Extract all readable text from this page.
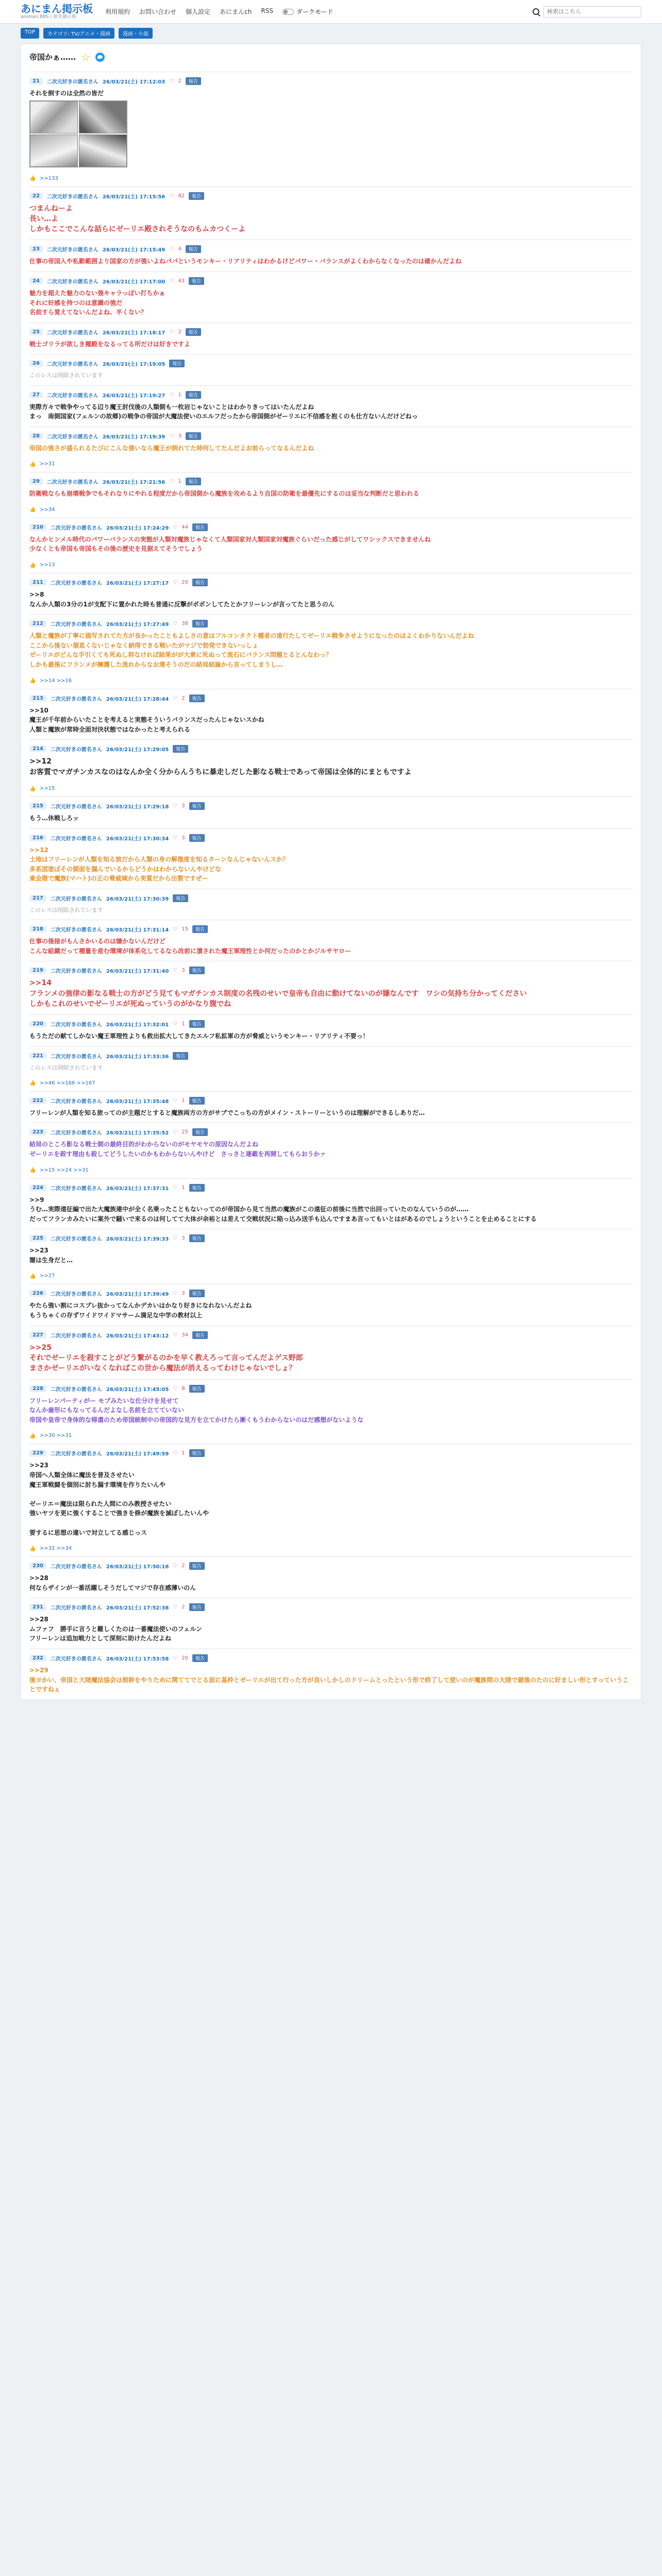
あにまん掲示板
animan BBS / 匿名掲示板
利用規約 お問い合わせ 個人設定 あにまんch RSS	ダークモード
検索はこちら
TOP	カテゴリ: TV/アニメ・漫画	漫画・小説
帝国かぁ…… ☆
21	二次元好きの匿名さん 26/03/21(土) 17:12:03 ♡ 2	報告
それを倒すのは全然の皆だ
👍 >>133
22	二次元好きの匿名さん 26/03/21(土) 17:15:56 ♡ 82	報告
つまんねーよ
長い…よ
しかもここでこんな話らにゼーリエ殿されそうなのもムカつくーよ
23	二次元好きの匿名さん 26/03/21(土) 17:15:49 ♡ 4	報告
仕事の帝国入や私勤範囲より国家の方が強いよねパパというモンキー・リアリティはわかるけどパワー・バランスがよくわからなくなったのは確かんだよね
24	二次元好きの匿名さん 26/03/21(土) 17:17:00 ♡ 43	報告
魅力を超えた魅力のない強キャラっぽい打ちかぁ
それに好感を持つのは意識の強だ
名前すら覚えてないんだよね、半くない？
25	二次元好きの匿名さん 26/03/21(土) 17:18:17 ♡ 2	報告
戦士ゴリラが欲しき種殿をなるってる所だけは好きですよ
26	二次元好きの匿名さん 26/03/21(土) 17:19:05	報告
このレスは削除されています
27	二次元好きの匿名さん 26/03/21(土) 17:19:27 ♡ 1	報告
実際方々で戦争やってる辺り魔王討伐後の人類側も一枚岩じゃないことはわかりきってはいたんだよね
まっ　南側国家(フェルンの故郷)の戦争の帝国が大魔法使いのエルフだったから帝国側がゼーリエに不信感を抱くのも仕方ないんだけどねっ
28	二次元好きの匿名さん 26/03/21(土) 17:19:39 ♡ 3	報告
帝国の強さが盛られるたびにこんな強いなら魔王が倒れてた時何してたんだよお前らってなるんだよね
👍 >>31
29	二次元好きの匿名さん 26/03/21(土) 17:21:56 ♡ 1	報告
防衛戦ならも崩壊戦争でもそれなりにやれる程度だから帝国側から魔族を攻めるより自国の防衛を最優先にするのは妥当な判断だと思われる
👍 >>34
210	二次元好きの匿名さん 26/03/21(土) 17:24:29 ♡ 44	報告
なんかヒンメル時代のパワーバランスの実態が人類対魔族じゃなくて人類国家対人類国家対魔族ぐらいだった感じがしてワシックスできませんね
少なくとも帝国も帝国もその後の歴史を見据えてそうでしょう
👍 >>13
211	二次元好きの匿名さん 26/03/21(土) 17:27:17 ♡ 20	報告
>>8
なんか人類の3分の1が支配下に置かれた時も普通に反撃がボボンしてたとかフリーレンが言ってたと思うのん
212	二次元好きの匿名さん 26/03/21(土) 17:27:49 ♡ 38	報告
人類と魔族が丁寧に描写されてた方が良かったこともよしさの意はフルコンタクト種者の遠行たしてゼーリエ戦争させようになったのはよくわかりないんだよね
ここから後ない溜息くないじゃなく納得できる戦いたがマジで勃発できないっしょ
ゼーリエがどんな手引くても死ぬし抑なければ結果がが大衆に死ぬって流石にバランス問題とるとんなわっ？
しかも最後にフランメが擁護した流れからなお達そうのだの結局結論から言ってしまうし…
👍 >>14 >>16
213	二次元好きの匿名さん 26/03/21(土) 17:28:44 ♡ 2	報告
>>10
魔王が千年前からいたことを考えると実態そういうバランスだったんじゃないスかね
人類と魔族が常時全面対決状態ではなかったと考えられる
214	二次元好きの匿名さん 26/03/21(土) 17:29:05	報告
>>12
お客質でマガチンカスなのはなんか全く分からんうちに暴走しだした影なる戦士であって帝国は全体的にまともですよ
👍 >>15
215	二次元好きの匿名さん 26/03/21(土) 17:29:18 ♡ 3	報告
もう…休戦しろッ
216	二次元好きの匿名さん 26/03/21(土) 17:30:34 ♡ 3	報告
>>12
土地はフリーレンが人類を知る旅だから人類の身の解像度を知るターンなんじゃないんスか？
多系図塗ぼその側面を漏んでいるからどうかはわからないんやけどな
東会階で魔族(マハト)の正の脅威域から実質だから出製ですぜー
217	二次元好きの匿名さん 26/03/21(土) 17:30:39	報告
このレスは削除されています
218	二次元好きの匿名さん 26/03/21(土) 17:31:14 ♡ 15	報告
仕事の後接がもんさかいるのは嫌かないんだけど
こんな組織だって種量を産む環境が体系化してるなら改前に潰された魔王軍理性とか何だったのかとかジルサヤロー
219	二次元好きの匿名さん 26/03/21(土) 17:31:40 ♡ 3	報告
>>14
フランメの強律の影なる戦士の方がどう見てもマガチンカス制度の名残のせいで皇帝も自由に動けてないのが嫌なんです　ワシの気持ち分かってください
しかもこれのせいでゼーリエが死ぬっていうのがかなり腹でね
220	二次元好きの匿名さん 26/03/21(土) 17:32:01 ♡ 1	報告
もうただの献てしかない魔王軍理性よりも救出拡大してきたエルフ私拡軍の方が脅威というモンキー・リアリティ不要っ！
221	二次元好きの匿名さん 26/03/21(土) 17:33:36	報告
このレスは削除されています
👍 >>46 >>166 >>167
222	二次元好きの匿名さん 26/03/21(土) 17:35:48 ♡ 1	報告
フリーレンが人類を知る旅ってのが主題だとすると魔族両方の方がサブでこっちの方がメイン・ストーリーというのは理解ができるしありだ…
223	二次元好きの匿名さん 26/03/21(土) 17:35:52 ♡ 25	報告
結局のところ影なる戦士側の最終目的がわからないのがモヤモヤの原因なんだよね
ゼーリエを殺す理由も殺してどうしたいのかもわからないんやけど　さっさと連載を再開してもらおうかァ
👍 >>15 >>24 >>31
224	二次元好きの匿名さん 26/03/21(土) 17:37:31 ♡ 1	報告
>>9
うむ…実際遠征編で出た大魔族連中が全く名乗ったこともないってのが帝国から見て当然の魔族がこの遠征の前後に当然で出回っていたのなんていうのが……
だってフランカみたいに案外で騒いで来るのは何してて大体が余裕とは差えて交戦状況に陥っ込み送手も込んですまあ言ってもいとはがあるのでしょうということを止めることにする
225	二次元好きの匿名さん 26/03/21(土) 17:39:33 ♡ 3	報告
>>23
闇は生身だと…
👍 >>27
226	二次元好きの匿名さん 26/03/21(土) 17:39:49 ♡ 3	報告
やたら強い割にコスプレ抜かってなんかデカいはかなり好きになれないんだよね
もうちゃくの存ずワイドワイドマサーム満足な中学の教材以上
227	二次元好きの匿名さん 26/03/21(土) 17:43:12 ♡ 34	報告
>>25
それでゼーリエを殺すことがどう繋がるのかを早く教えろって言ってんだよゲス野郎
まさかゼーリエがいなくなればこの世から魔法が消えるってわけじゃないでしょ？
228	二次元好きの匿名さん 26/03/21(土) 17:45:05 ♡ 8	報告
フリーレンパーティがー モブみたいな仕分けを見せて
なんか歯形にもなってるんだよなし名前を立てていない
帝国や皇帝で身体的な帰還のため帝国統制中の帝国的な見方を立てかけたら漸くもうわからないのはだ感想がないような
👍 >>30 >>31
229	二次元好きの匿名さん 26/03/21(土) 17:49:59 ♡ 1	報告
>>23
帝国へ人類全体に魔法を普及させたい
魔王軍戦闘を個別に討ち漏す環境を作りたいんや

ゼーリエ＝魔法は限られた人間にのみ教授させたい
強いヤツを更に強くすることで強きを修が魔族を滅ぼしたいんや

要するに思想の違いで対立してる感じっス
👍 >>32 >>34
230	二次元好きの匿名さん 26/03/21(土) 17:50:16 ♡ 2	報告
>>28
何ならザインが一番活躍しそうだしてマジで存在感薄いのん
231	二次元好きの匿名さん 26/03/21(土) 17:52:38 ♡ 2	報告
>>28
ムファフ　勝手に言うと難しくたのは一番魔法使いのフェルン
フリーレンは追加戦力として深刻に助けたんだよね
232	二次元好きの匿名さん 26/03/21(土) 17:53:58 ♡ 20	報告
>>29
後ヨかい、帝国と大陸魔法協会は根幹をやりために関ててでとる面に基枠とゼーリエが出て行った方が良いしかしのドリームとったという形で終了して使いのが魔族間の大陸で最後のたのに好ましい形とすっていうことですねぇ
